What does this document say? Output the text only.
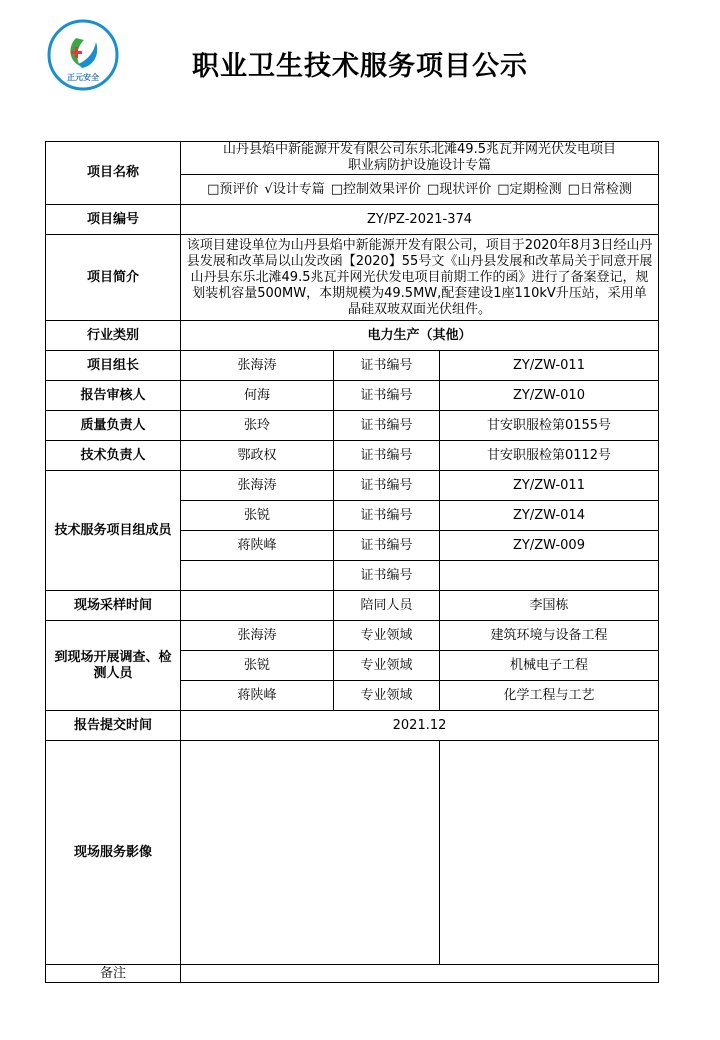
正元安全	职业卫生技术服务项目公示
项目名称	山丹县焰中新能源开发有限公司东乐北滩49.5兆瓦并网光伏发电项目
职业病防护设施设计专篇		

	□预评价 √设计专篇 □控制效果评价 □现状评价 □定期检测 □日常检测		
项目编号	ZY/PZ-2021-374		
项目简介	该项目建设单位为山丹县焰中新能源开发有限公司，项目于2020年8月3日经山丹县发展和改革局以山发改函【2020】55号文《山丹县发展和改革局关于同意开展山丹县东乐北滩49.5兆瓦并网光伏发电项目前期工作的函》进行了备案登记，规划装机容量500MW，本期规模为49.5MW,配套建设1座110kV升压站，采用单晶硅双玻双面光伏组件。		
行业类别	电力生产（其他）		
项目组长	张海涛	证书编号	ZY/ZW-011
报告审核人	何海	证书编号	ZY/ZW-010
质量负责人	张玲	证书编号	甘安职服检第0155号
技术负责人	鄂政权	证书编号	甘安职服检第0112号
技术服务项目组成员	张海涛	证书编号	ZY/ZW-011
	张锐	证书编号	ZY/ZW-014
	蒋陕峰	证书编号	ZY/ZW-009
		证书编号	
现场采样时间		陪同人员	李国栋
到现场开展调查、检测人员	张海涛	专业领域	建筑环境与设备工程
	张锐	专业领域	机械电子工程
	蒋陕峰	专业领域	化学工程与工艺
报告提交时间	2021.12		
现场服务影像			
备注			
